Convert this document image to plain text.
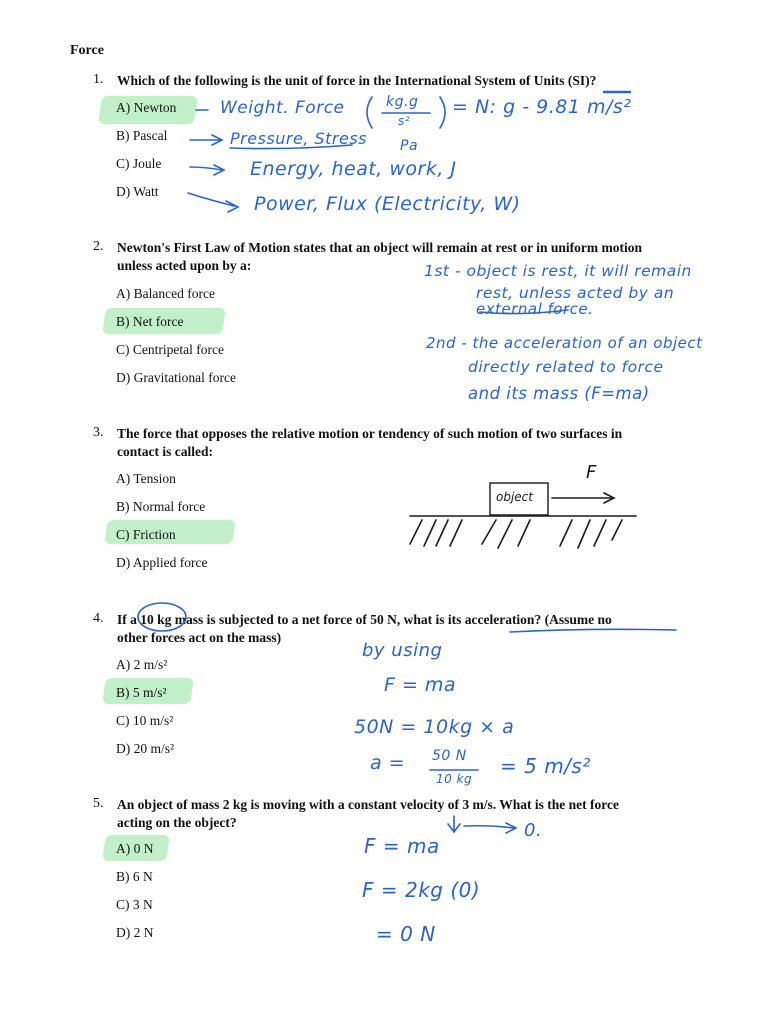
Force
1. Which of the following is the unit of force in the International System of Units (SI)?
A) Newton
B) Pascal
C) Joule
D) Watt
2. Newton's First Law of Motion states that an object will remain at rest or in uniform motion
unless acted upon by a:
A) Balanced force
B) Net force
C) Centripetal force
D) Gravitational force
3. The force that opposes the relative motion or tendency of such motion of two surfaces in
contact is called:
A) Tension
B) Normal force
C) Friction
D) Applied force
4. If a 10 kg mass is subjected to a net force of 50 N, what is its acceleration? (Assume no
other forces act on the mass)
A) 2 m/s²
B) 5 m/s²
C) 10 m/s²
D) 20 m/s²
5. An object of mass 2 kg is moving with a constant velocity of 3 m/s. What is the net force
acting on the object?
A) 0 N
B) 6 N
C) 3 N
D) 2 N
object
F
Weight. Force	kg.g
s²
= N: g - 9.81 m/s²
Pressure, Stress Pa
Energy, heat, work, J
Power, Flux (Electricity, W)
1st - object is rest, it will remain
rest, unless acted by an
external force.
2nd - the acceleration of an object
directly related to force
and its mass (F=ma)
by using
F = ma
50N = 10kg × a
a = 50 N
10 kg
= 5 m/s²
F = ma
0.
F = 2kg (0)
= 0 N
